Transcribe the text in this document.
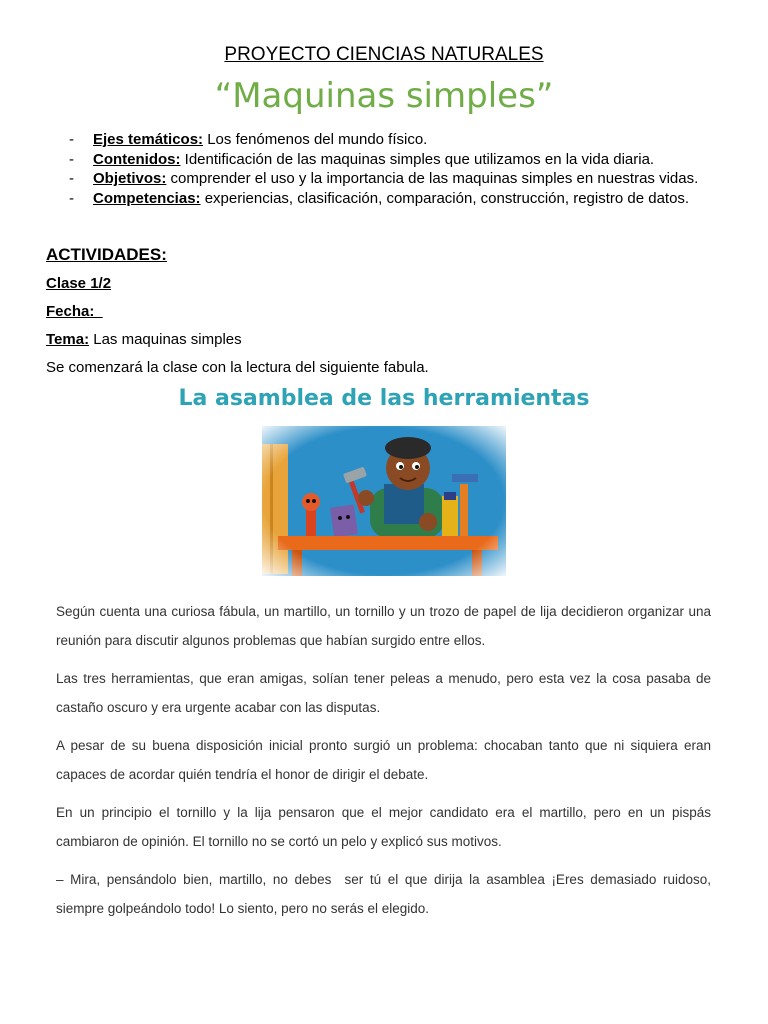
PROYECTO CIENCIAS NATURALES
“Maquinas simples”
- Ejes temáticos: Los fenómenos del mundo físico.
- Contenidos: Identificación de las maquinas simples que utilizamos en la vida diaria.
- Objetivos: comprender el uso y la importancia de las maquinas simples en nuestras vidas.
- Competencias: experiencias, clasificación, comparación, construcción, registro de datos.
ACTIVIDADES:
Clase 1/2
Fecha:
Tema: Las maquinas simples
Se comenzará la clase con la lectura del siguiente fabula.
La asamblea de las herramientas

Según cuenta una curiosa fábula, un martillo, un tornillo y un trozo de papel de lija decidieron organizar una reunión para discutir algunos problemas que habían surgido entre ellos.

Las tres herramientas, que eran amigas, solían tener peleas a menudo, pero esta vez la cosa pasaba de castaño oscuro y era urgente acabar con las disputas.

A pesar de su buena disposición inicial pronto surgió un problema: chocaban tanto que ni siquiera eran capaces de acordar quién tendría el honor de dirigir el debate.

En un principio el tornillo y la lija pensaron que el mejor candidato era el martillo, pero en un pispás cambiaron de opinión. El tornillo no se cortó un pelo y explicó sus motivos.

– Mira, pensándolo bien, martillo, no debes  ser tú el que dirija la asamblea ¡Eres demasiado ruidoso, siempre golpeándolo todo! Lo siento, pero no serás el elegido.
